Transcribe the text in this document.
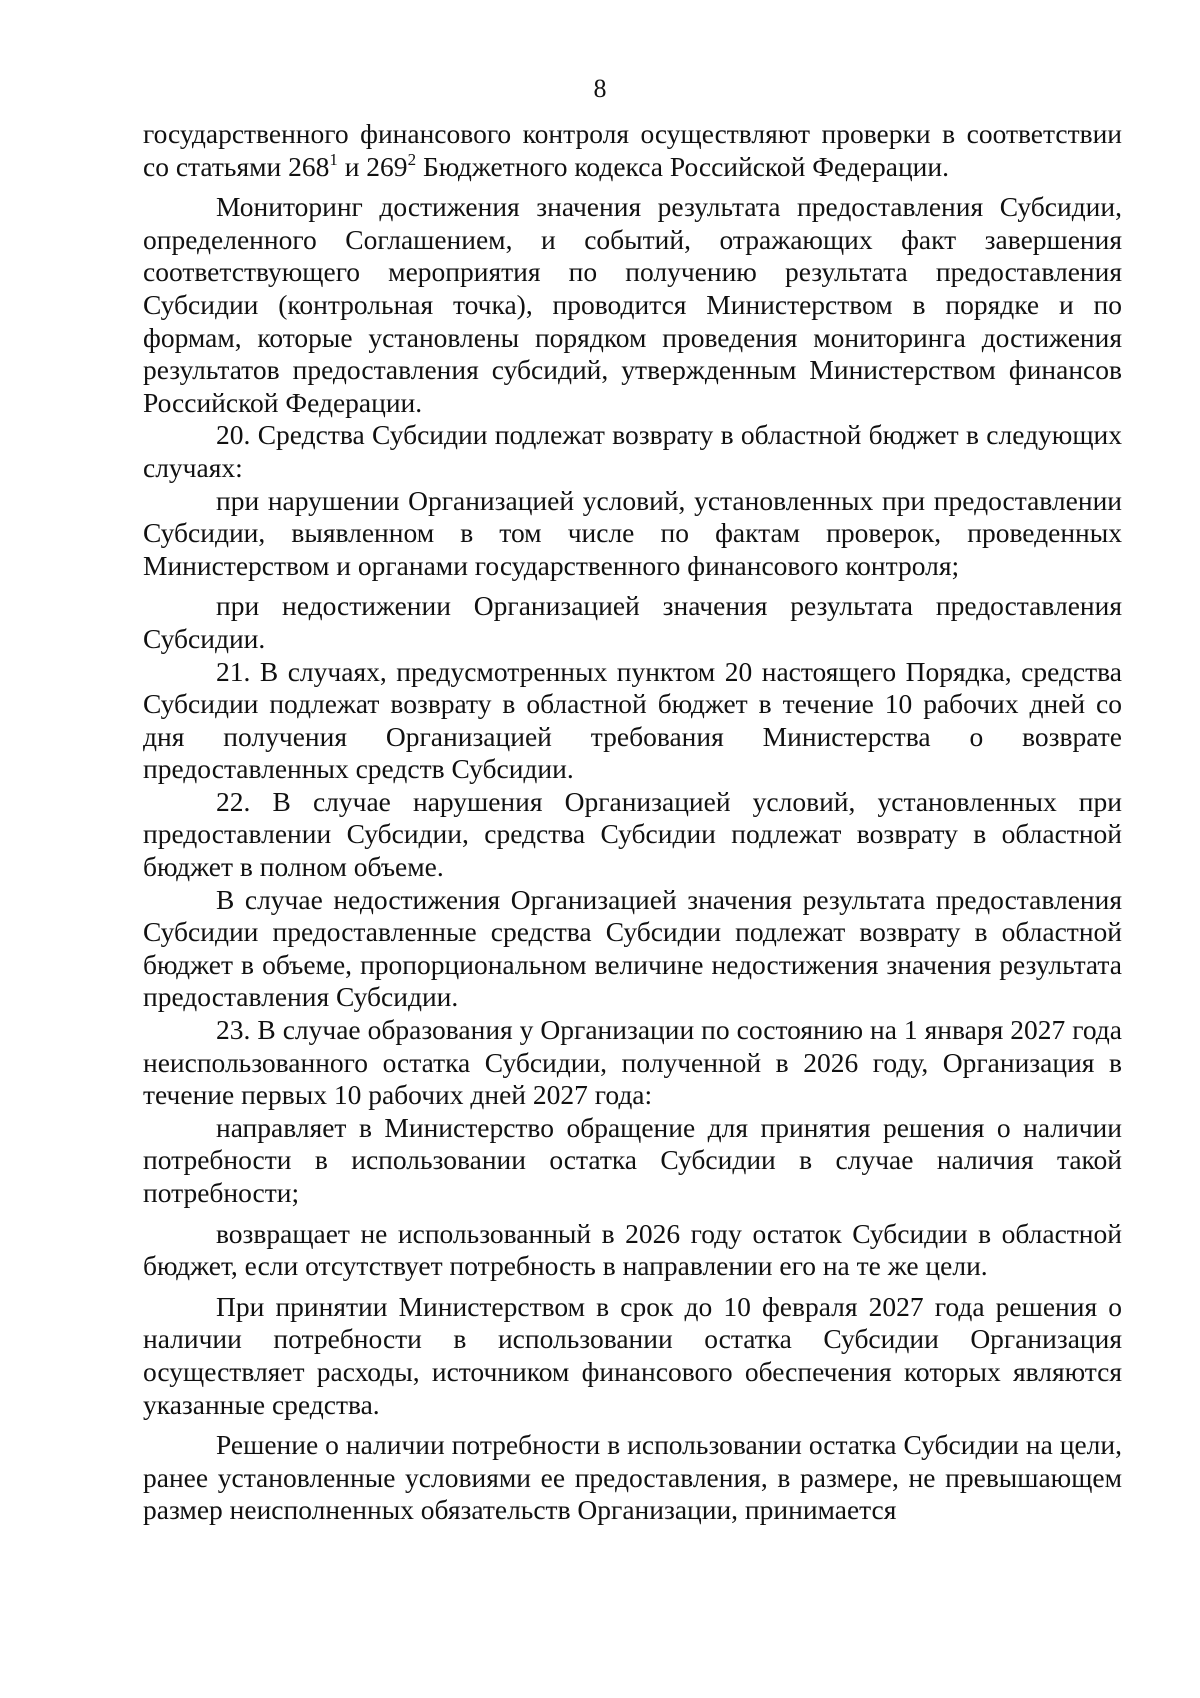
8

государственного финансового контроля осуществляют проверки в соответствии со статьями $268^1$ и $269^2$ Бюджетного кодекса Российской Федерации.

Мониторинг достижения значения результата предоставления Субсидии, определенного Соглашением, и событий, отражающих факт завершения соответствующего мероприятия по получению результата предоставления Субсидии (контрольная точка), проводится Министерством в порядке и по формам, которые установлены порядком проведения мониторинга достижения результатов предоставления субсидий, утвержденным Министерством финансов Российской Федерации.

20. Средства Субсидии подлежат возврату в областной бюджет в следующих случаях:

при нарушении Организацией условий, установленных при предоставлении Субсидии, выявленном в том числе по фактам проверок, проведенных Министерством и органами государственного финансового контроля;

при недостижении Организацией значения результата предоставления Субсидии.

21. В случаях, предусмотренных пунктом 20 настоящего Порядка, средства Субсидии подлежат возврату в областной бюджет в течение 10 рабочих дней со дня получения Организацией требования Министерства о возврате предоставленных средств Субсидии.

22. В случае нарушения Организацией условий, установленных при предоставлении Субсидии, средства Субсидии подлежат возврату в областной бюджет в полном объеме.

В случае недостижения Организацией значения результата предоставления Субсидии предоставленные средства Субсидии подлежат возврату в областной бюджет в объеме, пропорциональном величине недостижения значения результата предоставления Субсидии.

23. В случае образования у Организации по состоянию на 1 января 2027 года неиспользованного остатка Субсидии, полученной в 2026 году, Организация в течение первых 10 рабочих дней 2027 года:

направляет в Министерство обращение для принятия решения о наличии потребности в использовании остатка Субсидии в случае наличия такой потребности;

возвращает не использованный в 2026 году остаток Субсидии в областной бюджет, если отсутствует потребность в направлении его на те же цели.

При принятии Министерством в срок до 10 февраля 2027 года решения о наличии потребности в использовании остатка Субсидии Организация осуществляет расходы, источником финансового обеспечения которых являются указанные средства.

Решение о наличии потребности в использовании остатка Субсидии на цели, ранее установленные условиями ее предоставления, в размере, не превышающем размер неисполненных обязательств Организации, принимается
